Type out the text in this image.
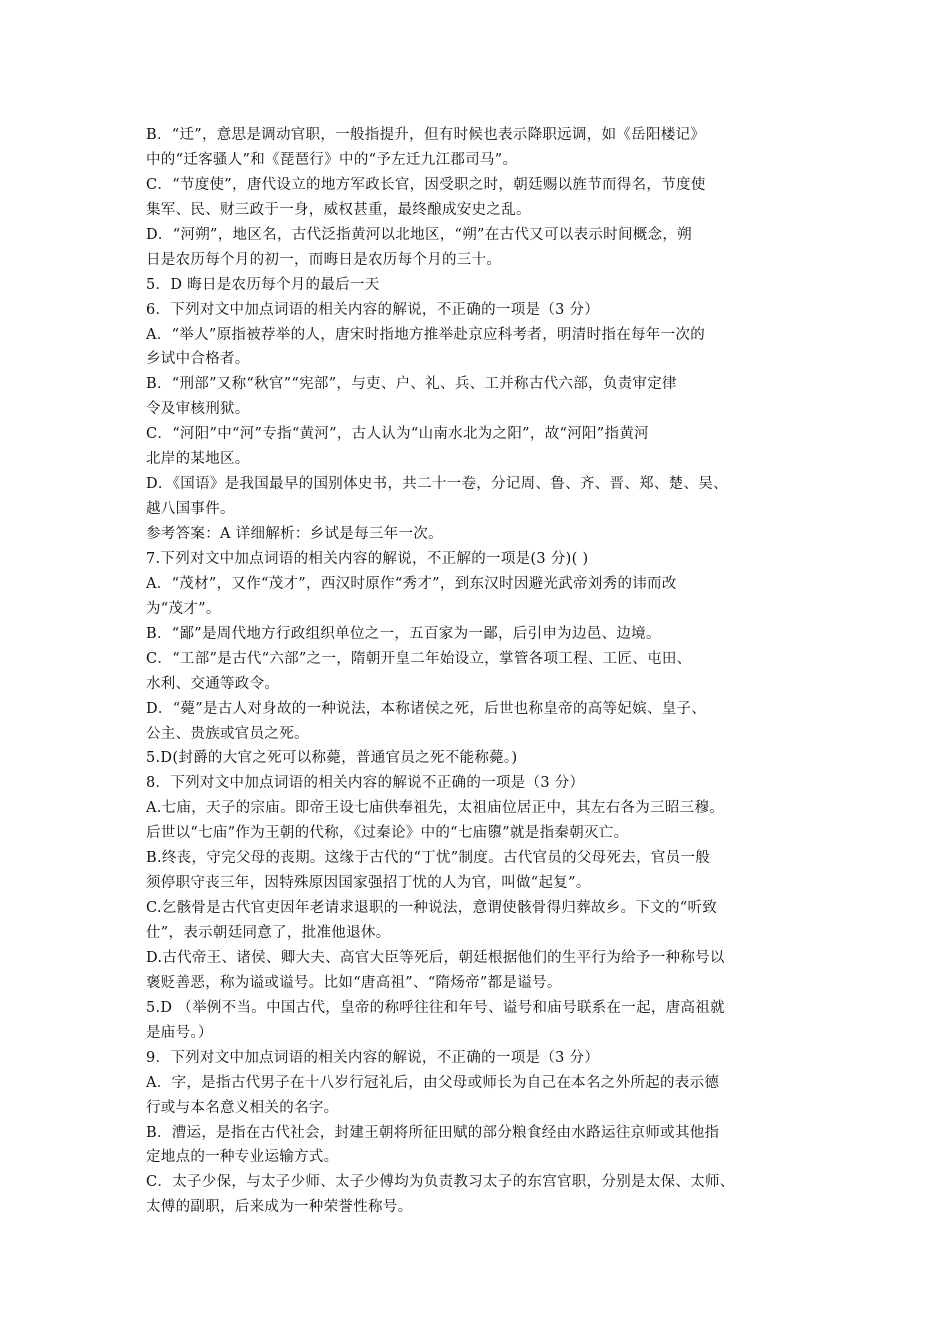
B．“迁”，意思是调动官职，一般指提升，但有时候也表示降职远调，如《岳阳楼记》
中的“迁客骚人”和《琵琶行》中的“予左迁九江郡司马”。
C．“节度使”，唐代设立的地方军政长官，因受职之时，朝廷赐以旌节而得名，节度使
集军、民、财三政于一身，威权甚重，最终酿成安史之乱。
D．“河朔”，地区名，古代泛指黄河以北地区，“朔”在古代又可以表示时间概念，朔
日是农历每个月的初一，而晦日是农历每个月的三十。
5．D 晦日是农历每个月的最后一天
6．下列对文中加点词语的相关内容的解说，不正确的一项是（3 分）
A．“举人”原指被荐举的人，唐宋时指地方推举赴京应科考者，明清时指在每年一次的
乡试中合格者。
B．“刑部”又称“秋官”“宪部”，与吏、户、礼、兵、工并称古代六部，负责审定律
令及审核刑狱。
C．“河阳”中“河”专指“黄河”，古人认为“山南水北为之阳”，故“河阳”指黄河
北岸的某地区。
D．《国语》是我国最早的国别体史书，共二十一卷，分记周、鲁、齐、晋、郑、楚、吴、
越八国事件。
参考答案：A 详细解析：乡试是每三年一次。
7.下列对文中加点词语的相关内容的解说，不正解的一项是(3 分)( )
A．“茂材”，又作“茂才”，西汉时原作“秀才”，到东汉时因避光武帝刘秀的讳而改
为“茂才”。
B．“鄙”是周代地方行政组织单位之一，五百家为一鄙，后引申为边邑、边境。
C．“工部”是古代“六部”之一，隋朝开皇二年始设立，掌管各项工程、工匠、屯田、
水利、交通等政令。
D．“薨”是古人对身故的一种说法，本称诸侯之死，后世也称皇帝的高等妃嫔、皇子、
公主、贵族或官员之死。
5.D(封爵的大官之死可以称薨，普通官员之死不能称薨。)
8．下列对文中加点词语的相关内容的解说不正确的一项是（3 分）
A.七庙，天子的宗庙。即帝王设七庙供奉祖先，太祖庙位居正中，其左右各为三昭三穆。
后世以“七庙”作为王朝的代称，《过秦论》中的“七庙隳”就是指秦朝灭亡。
B.终丧，守完父母的丧期。这缘于古代的“丁忧”制度。古代官员的父母死去，官员一般
须停职守丧三年，因特殊原因国家强招丁忧的人为官，叫做“起复”。
C.乞骸骨是古代官吏因年老请求退职的一种说法，意谓使骸骨得归葬故乡。下文的“听致
仕”，表示朝廷同意了，批准他退休。
D.古代帝王、诸侯、卿大夫、高官大臣等死后，朝廷根据他们的生平行为给予一种称号以
褒贬善恶，称为谥或谥号。比如“唐高祖”、“隋炀帝”都是谥号。
5.D （举例不当。中国古代，皇帝的称呼往往和年号、谥号和庙号联系在一起，唐高祖就
是庙号。）
9．下列对文中加点词语的相关内容的解说，不正确的一项是（3 分）
A．字，是指古代男子在十八岁行冠礼后，由父母或师长为自己在本名之外所起的表示德
行或与本名意义相关的名字。
B．漕运，是指在古代社会，封建王朝将所征田赋的部分粮食经由水路运往京师或其他指
定地点的一种专业运输方式。
C．太子少保，与太子少师、太子少傅均为负责教习太子的东宫官职，分别是太保、太师、
太傅的副职，后来成为一种荣誉性称号。
